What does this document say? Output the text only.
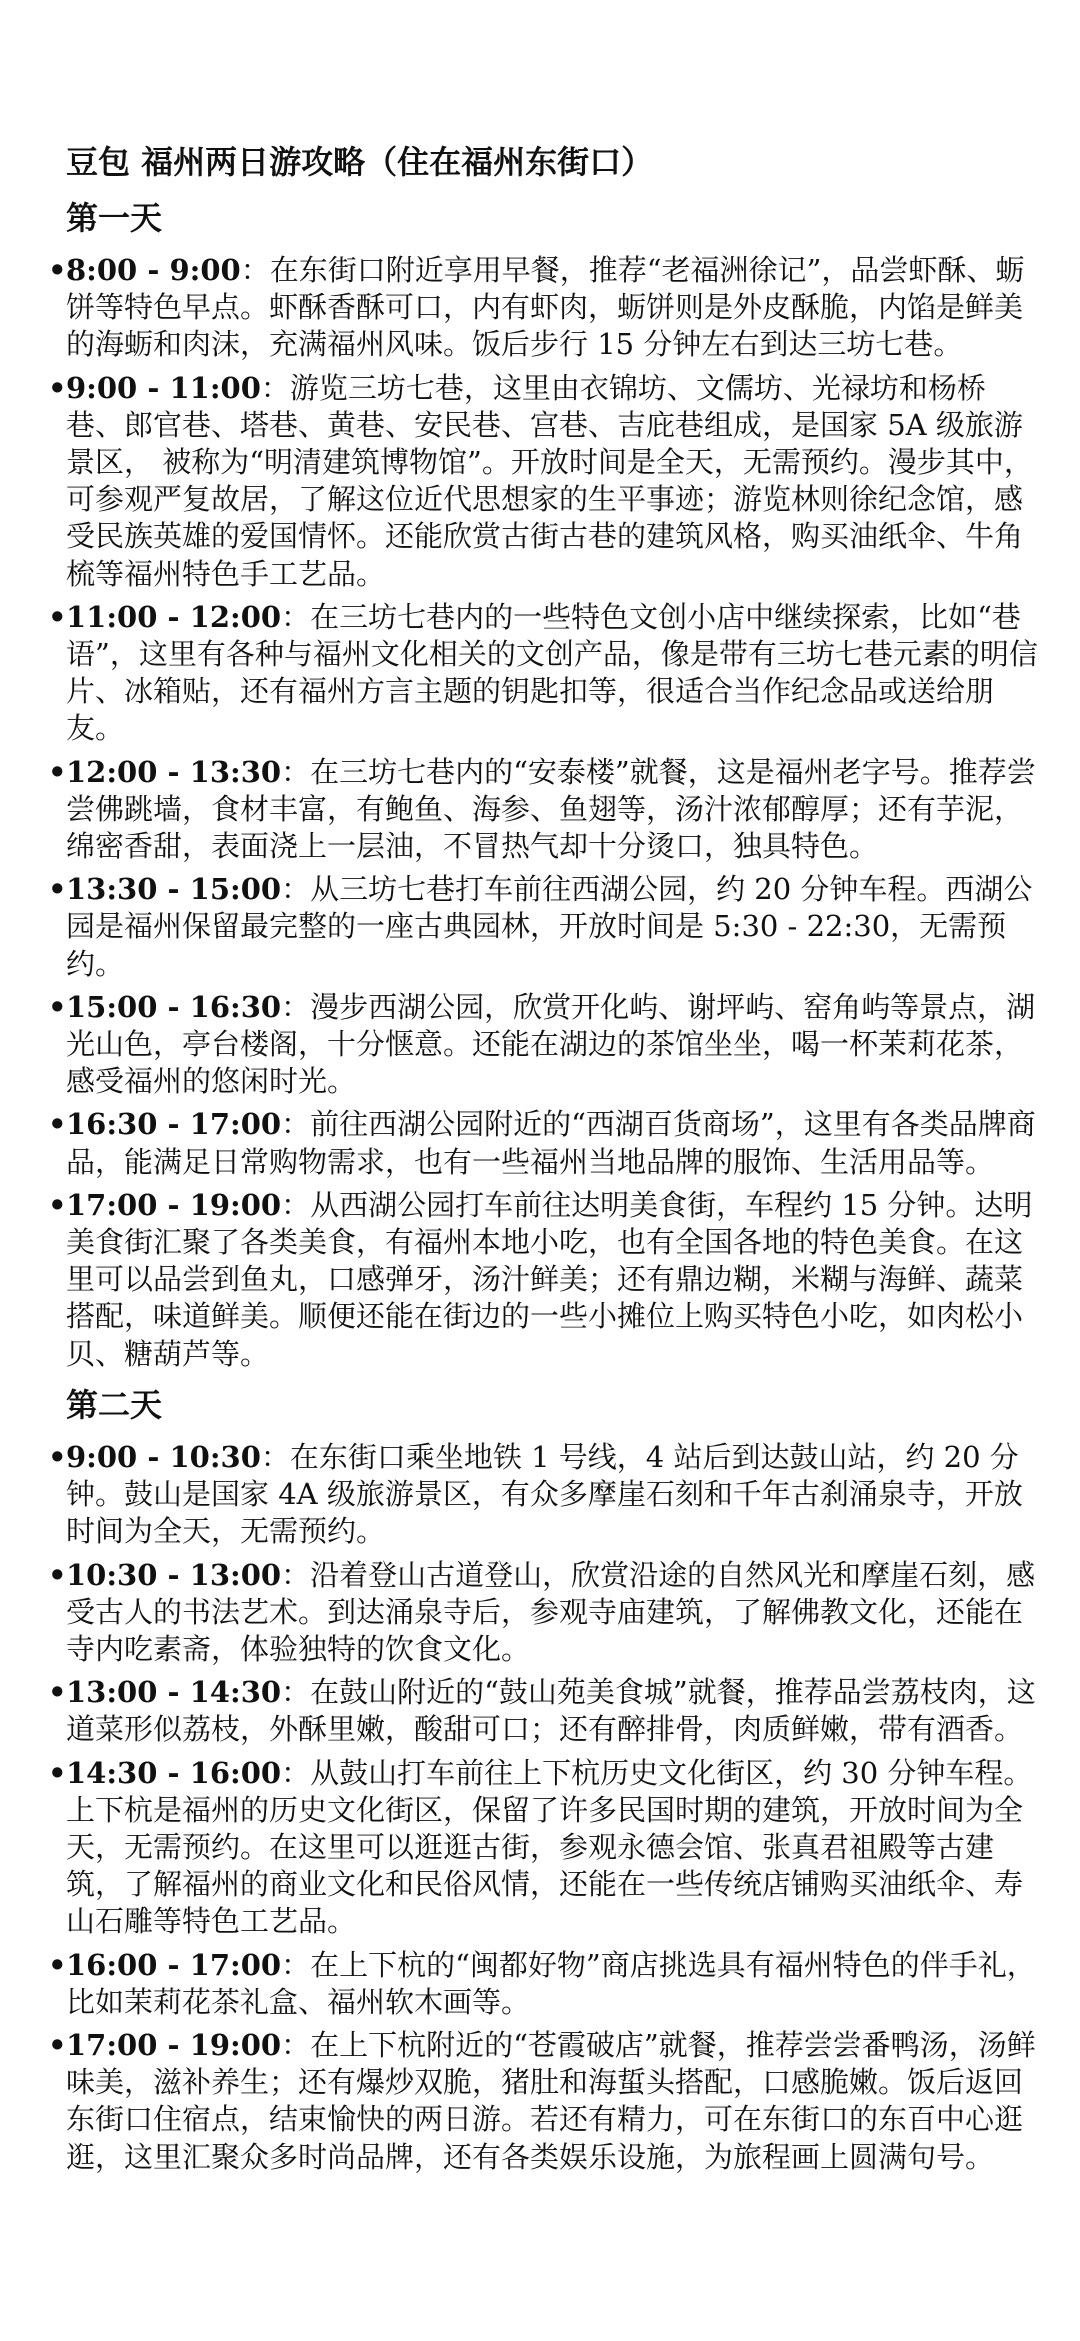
豆包 福州两日游攻略（住在福州东街口）
第一天
• 8:00 - 9:00：在东街口附近享用早餐，推荐“老福洲徐记”，品尝虾酥、蛎饼等特色早点。虾酥香酥可口，内有虾肉，蛎饼则是外皮酥脆，内馅是鲜美的海蛎和肉沫，充满福州风味。饭后步行 15 分钟左右到达三坊七巷。
• 9:00 - 11:00：游览三坊七巷，这里由衣锦坊、文儒坊、光禄坊和杨桥巷、郎官巷、塔巷、黄巷、安民巷、宫巷、吉庇巷组成，是国家 5A 级旅游景区， 被称为“明清建筑博物馆”。开放时间是全天，无需预约。漫步其中，可参观严复故居，了解这位近代思想家的生平事迹；游览林则徐纪念馆，感受民族英雄的爱国情怀。还能欣赏古街古巷的建筑风格，购买油纸伞、牛角梳等福州特色手工艺品。
• 11:00 - 12:00：在三坊七巷内的一些特色文创小店中继续探索，比如“巷语”，这里有各种与福州文化相关的文创产品，像是带有三坊七巷元素的明信片、冰箱贴，还有福州方言主题的钥匙扣等，很适合当作纪念品或送给朋友。
• 12:00 - 13:30：在三坊七巷内的“安泰楼”就餐，这是福州老字号。推荐尝尝佛跳墙，食材丰富，有鲍鱼、海参、鱼翅等，汤汁浓郁醇厚；还有芋泥，绵密香甜，表面浇上一层油，不冒热气却十分烫口，独具特色。
• 13:30 - 15:00：从三坊七巷打车前往西湖公园，约 20 分钟车程。西湖公园是福州保留最完整的一座古典园林，开放时间是 5:30 - 22:30，无需预约。
• 15:00 - 16:30：漫步西湖公园，欣赏开化屿、谢坪屿、窑角屿等景点，湖光山色，亭台楼阁，十分惬意。还能在湖边的茶馆坐坐，喝一杯茉莉花茶，感受福州的悠闲时光。
• 16:30 - 17:00：前往西湖公园附近的“西湖百货商场”，这里有各类品牌商品，能满足日常购物需求，也有一些福州当地品牌的服饰、生活用品等。
• 17:00 - 19:00：从西湖公园打车前往达明美食街，车程约 15 分钟。达明美食街汇聚了各类美食，有福州本地小吃，也有全国各地的特色美食。在这里可以品尝到鱼丸，口感弹牙，汤汁鲜美；还有鼎边糊，米糊与海鲜、蔬菜搭配，味道鲜美。顺便还能在街边的一些小摊位上购买特色小吃，如肉松小贝、糖葫芦等。
第二天
• 9:00 - 10:30：在东街口乘坐地铁 1 号线，4 站后到达鼓山站，约 20 分钟。鼓山是国家 4A 级旅游景区，有众多摩崖石刻和千年古刹涌泉寺，开放时间为全天，无需预约。
• 10:30 - 13:00：沿着登山古道登山，欣赏沿途的自然风光和摩崖石刻，感受古人的书法艺术。到达涌泉寺后，参观寺庙建筑，了解佛教文化，还能在寺内吃素斋，体验独特的饮食文化。
• 13:00 - 14:30：在鼓山附近的“鼓山苑美食城”就餐，推荐品尝荔枝肉，这道菜形似荔枝，外酥里嫩，酸甜可口；还有醉排骨，肉质鲜嫩，带有酒香。
• 14:30 - 16:00：从鼓山打车前往上下杭历史文化街区，约 30 分钟车程。上下杭是福州的历史文化街区，保留了许多民国时期的建筑，开放时间为全天，无需预约。在这里可以逛逛古街，参观永德会馆、张真君祖殿等古建筑，了解福州的商业文化和民俗风情，还能在一些传统店铺购买油纸伞、寿山石雕等特色工艺品。
• 16:00 - 17:00：在上下杭的“闽都好物”商店挑选具有福州特色的伴手礼，比如茉莉花茶礼盒、福州软木画等。
• 17:00 - 19:00：在上下杭附近的“苍霞破店”就餐，推荐尝尝番鸭汤，汤鲜味美，滋补养生；还有爆炒双脆，猪肚和海蜇头搭配，口感脆嫩。饭后返回东街口住宿点，结束愉快的两日游。若还有精力，可在东街口的东百中心逛逛，这里汇聚众多时尚品牌，还有各类娱乐设施，为旅程画上圆满句号。
